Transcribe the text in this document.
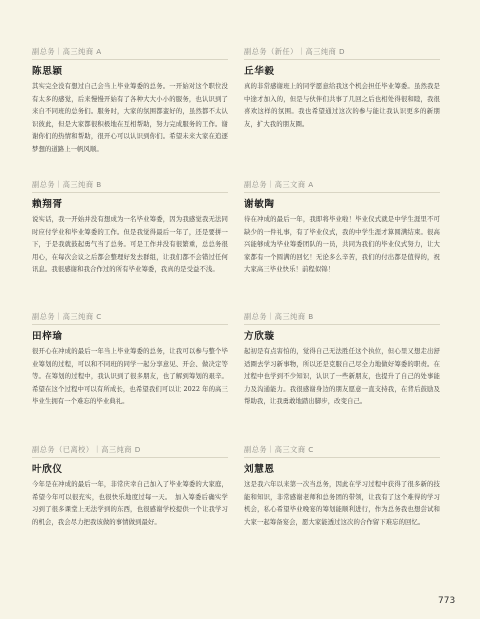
副总务｜高三纯商 A
陈思颖

其实完全没有想过自己会当上毕业筹委的总务。一开始对这个职位没有太多的感觉，后来慢慢开始有了各种大大小小的服务，也认识到了来自不同班的总务们。服务时，大家的氛围都蛮好的，虽然都不太认识彼此，但是大家都很积极地在互相帮助，努力完成服务的工作。谢谢你们的热情和帮助，很开心可以认识到你们。希望未来大家在追逐梦想的道路上一帆风顺。

副总务（新任）｜高三纯商 D
丘华毅

真的非常感谢班上的同学愿意给我这个机会担任毕业筹委。虽然我是中途才加入的，但是与伙伴们共事了几回之后也相处得很和睦，我很喜欢这样的氛围。我也希望通过这次的参与能让我认识更多的新朋友，扩大我的朋友圈。

副总务｜高三纯商 B
赖翔胥

说实话，我一开始并没有想成为一名毕业筹委，因为我感觉我无法同时应付学业和毕业筹委的工作。但是我觉得最后一年了，还是要拼一下，于是我就鼓起勇气当了总务。可是工作并没有很繁重，总总务很用心，在每次会议之后都会整理好发去群组，让我们都不会错过任何讯息。我很感谢和我合作过的所有毕业筹委，我真的是受益不浅。

副总务｜高三文商 A
谢敏陶

待在冲成的最后一年，我即将毕业啦！毕业仪式就是中学生涯里不可缺少的一件礼事，有了毕业仪式，我的中学生涯才算圆满结束。很高兴能够成为毕业筹委团队的一员，共同为我们的毕业仪式努力，让大家都有一个圆满的回忆！无论多么辛苦，我们的付出都是值得的，祝大家高三毕业快乐！前程似锦！

副总务｜高三纯商 C
田梓瑜

很开心在冲成的最后一年当上毕业筹委的总务，让我可以参与整个毕业筹划的过程，可以和不同班的同学一起分享意见、开会、做决定等等。在筹划的过程中，我认识到了很多朋友，也了解到筹划的艰辛。希望在这个过程中可以有所成长，也希望我们可以让 2022 年的高三毕业生拥有一个难忘的毕业典礼。

副总务｜高三纯商 B
方欣璇

起初是有点害怕的，觉得自己无法胜任这个执位，但心里又想走出舒适圈去学习新事物，所以还是克服自己尽全力地做好筹委的职责。在过程中也学到不少知识，认识了一些新朋友，也提升了自己的处事能力及沟通能力。我很感谢身边的朋友愿意一直支持我，在背后鼓励及帮助我，让我勇敢地踏出脚步，改变自己。

副总务（已离校）｜高三纯商 D
叶欣仪

今年是在冲成的最后一年，非常庆幸自己加入了毕业筹委的大家庭，希望今年可以很充实，也很快乐地度过每一天。　加入筹委后确实学习到了很多课堂上无法学到的东西，也很感谢学校提供一个让我学习的机会，我会尽力把我该做的事情做到最好。

副总务｜高三文商 C
刘慧恩

这是我六年以来第一次当总务，因此在学习过程中获得了很多新的技能和知识，非常感谢老师和总务团的带领，让我有了这个难得的学习机会，私心希望毕业晚宴的筹划能顺利进行，作为总务我也想尝试和大家一起筹备宴会，愿大家能透过这次的合作留下难忘的回忆。

773
